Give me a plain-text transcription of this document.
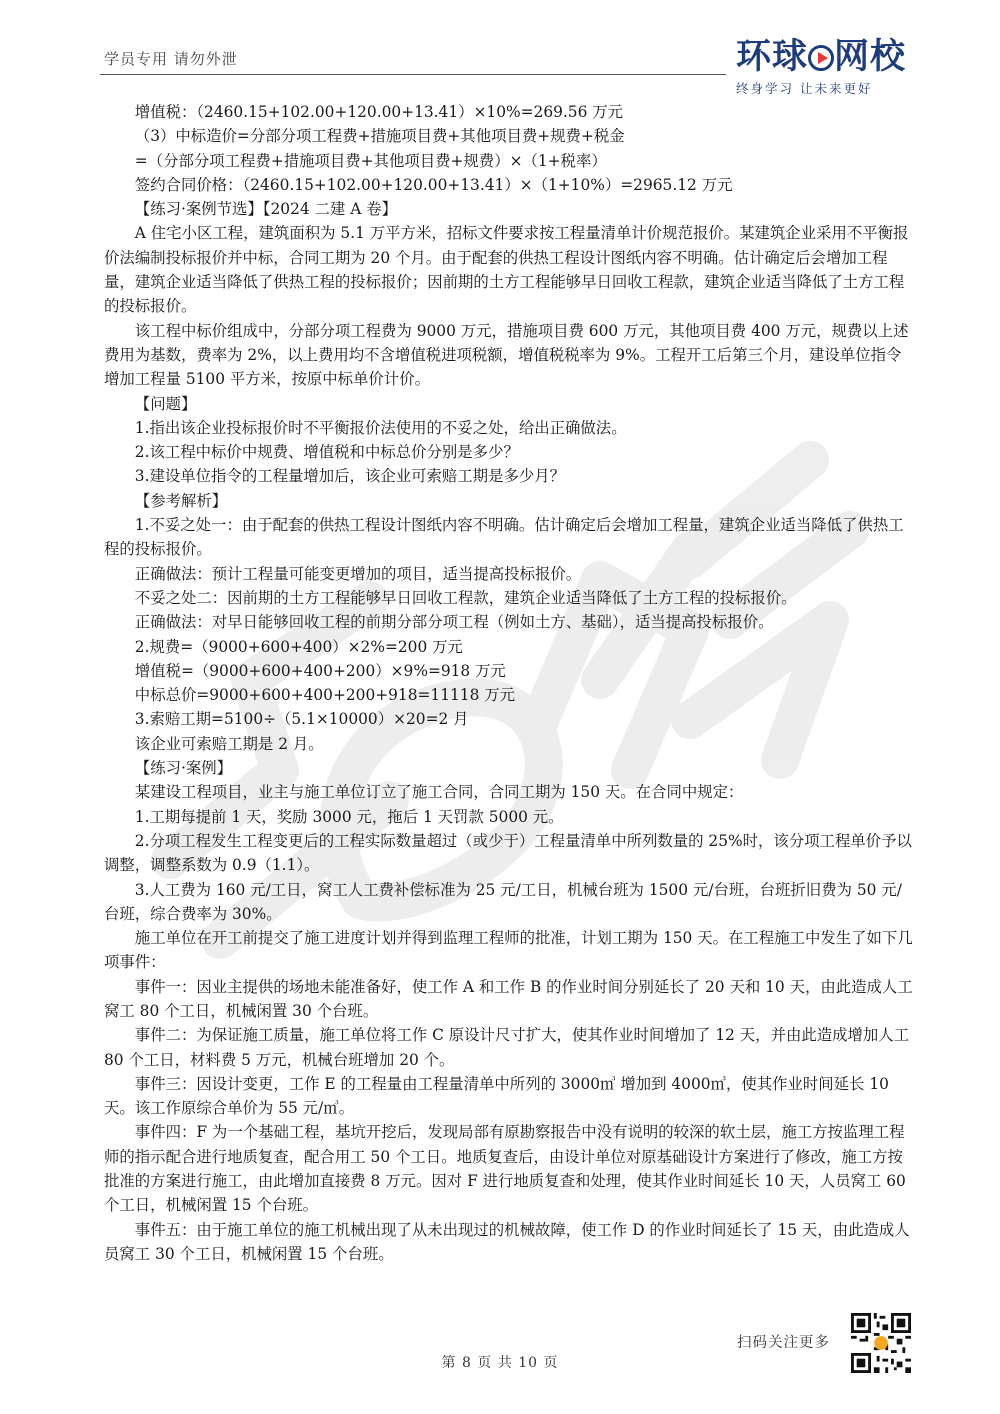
学员专用 请勿外泄	环球 网校
终身学习 让未来更好

增值税：（2460.15+102.00+120.00+13.41）×10%=269.56 万元

（3）中标造价=分部分项工程费+措施项目费+其他项目费+规费+税金

=（分部分项工程费+措施项目费+其他项目费+规费）×（1+税率）

签约合同价格：（2460.15+102.00+120.00+13.41）×（1+10%）=2965.12 万元

【练习·案例节选】【2024 二建 A 卷】

A 住宅小区工程，建筑面积为 5.1 万平方米，招标文件要求按工程量清单计价规范报价。某建筑企业采用不平衡报价法编制投标报价并中标，合同工期为 20 个月。由于配套的供热工程设计图纸内容不明确。估计确定后会增加工程量，建筑企业适当降低了供热工程的投标报价；因前期的土方工程能够早日回收工程款，建筑企业适当降低了土方工程的投标报价。

该工程中标价组成中，分部分项工程费为 9000 万元，措施项目费 600 万元，其他项目费 400 万元，规费以上述费用为基数，费率为 2%，以上费用均不含增值税进项税额，增值税税率为 9%。工程开工后第三个月，建设单位指令增加工程量 5100 平方米，按原中标单价计价。

【问题】

1.指出该企业投标报价时不平衡报价法使用的不妥之处，给出正确做法。

2.该工程中标价中规费、增值税和中标总价分别是多少？

3.建设单位指令的工程量增加后，该企业可索赔工期是多少月？

【参考解析】

1.不妥之处一：由于配套的供热工程设计图纸内容不明确。估计确定后会增加工程量，建筑企业适当降低了供热工程的投标报价。

正确做法：预计工程量可能变更增加的项目，适当提高投标报价。

不妥之处二：因前期的土方工程能够早日回收工程款，建筑企业适当降低了土方工程的投标报价。

正确做法：对早日能够回收工程的前期分部分项工程（例如土方、基础），适当提高投标报价。

2.规费=（9000+600+400）×2%=200 万元

增值税=（9000+600+400+200）×9%=918 万元

中标总价=9000+600+400+200+918=11118 万元

3.索赔工期=5100÷（5.1×10000）×20=2 月

该企业可索赔工期是 2 月。

【练习·案例】

某建设工程项目，业主与施工单位订立了施工合同，合同工期为 150 天。在合同中规定：

1.工期每提前 1 天，奖励 3000 元，拖后 1 天罚款 5000 元。

2.分项工程发生工程变更后的工程实际数量超过（或少于）工程量清单中所列数量的 25%时，该分项工程单价予以调整，调整系数为 0.9（1.1）。

3.人工费为 160 元/工日，窝工人工费补偿标准为 25 元/工日，机械台班为 1500 元/台班，台班折旧费为 50 元/台班，综合费率为 30%。

施工单位在开工前提交了施工进度计划并得到监理工程师的批准，计划工期为 150 天。在工程施工中发生了如下几项事件：

事件一：因业主提供的场地未能准备好，使工作 A 和工作 B 的作业时间分别延长了 20 天和 10 天，由此造成人工窝工 80 个工日，机械闲置 30 个台班。

事件二：为保证施工质量，施工单位将工作 C 原设计尺寸扩大，使其作业时间增加了 12 天，并由此造成增加人工 80 个工日，材料费 5 万元，机械台班增加 20 个。

事件三：因设计变更，工作 E 的工程量由工程量清单中所列的 3000㎥ 增加到 4000㎥，使其作业时间延长 10 天。该工作原综合单价为 55 元/㎥。

事件四：F 为一个基础工程，基坑开挖后，发现局部有原勘察报告中没有说明的较深的软土层，施工方按监理工程师的指示配合进行地质复查，配合用工 50 个工日。地质复查后，由设计单位对原基础设计方案进行了修改，施工方按批准的方案进行施工，由此增加直接费 8 万元。因对 F 进行地质复查和处理，使其作业时间延长 10 天，人员窝工 60 个工日，机械闲置 15 个台班。

事件五：由于施工单位的施工机械出现了从未出现过的机械故障，使工作 D 的作业时间延长了 15 天，由此造成人员窝工 30 个工日，机械闲置 15 个台班。

扫码关注更多
第 8 页 共 10 页
